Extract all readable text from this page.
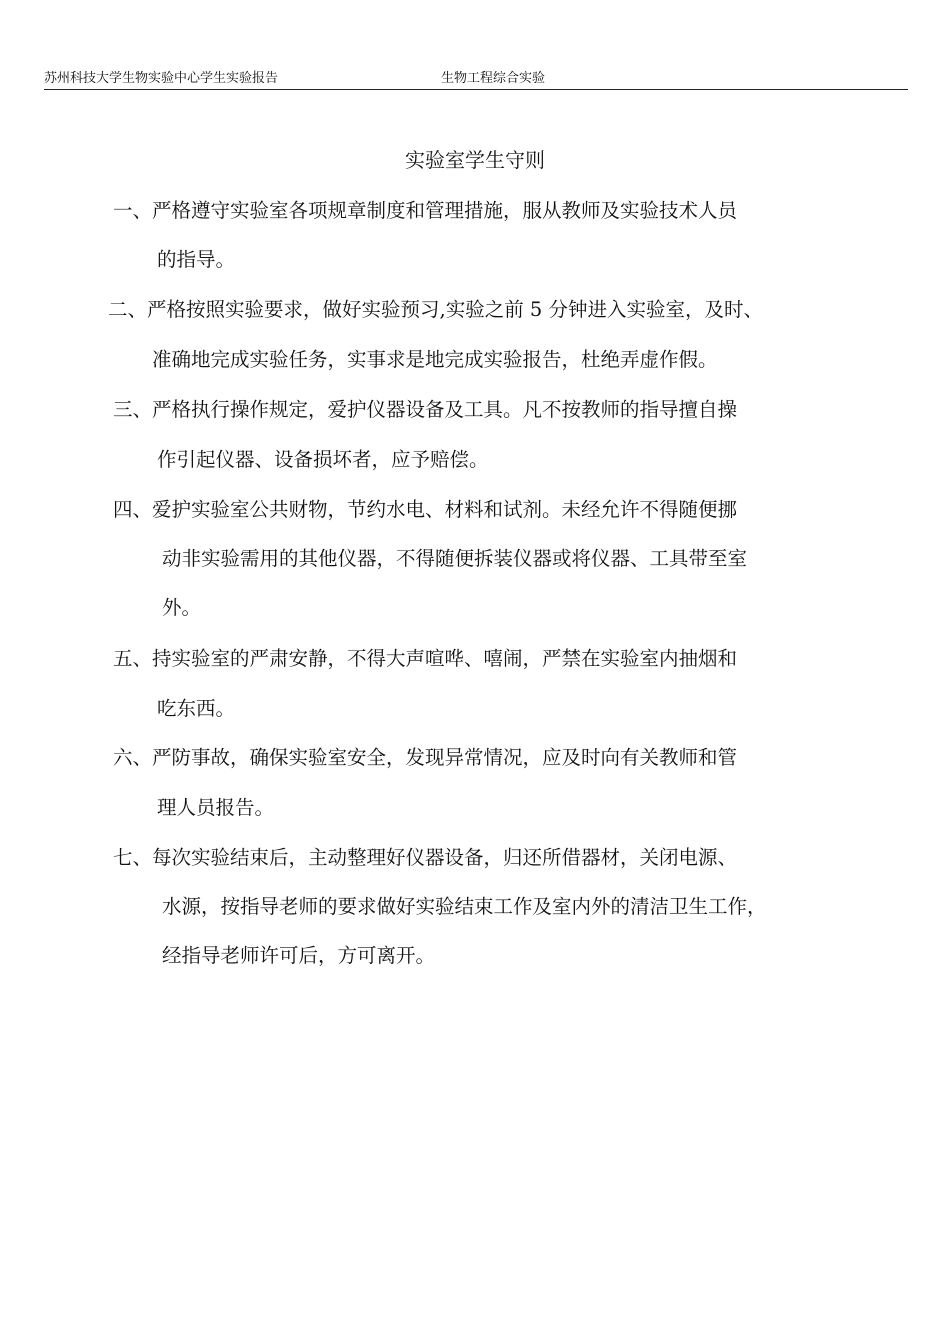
苏州科技大学生物实验中心学生实验报告	生物工程综合实验
实验室学生守则
一、严格遵守实验室各项规章制度和管理措施，服从教师及实验技术人员
的指导。
二、严格按照实验要求，做好实验预习,实验之前 5 分钟进入实验室，及时、
准确地完成实验任务，实事求是地完成实验报告，杜绝弄虚作假。
三、严格执行操作规定，爱护仪器设备及工具。凡不按教师的指导擅自操
作引起仪器、设备损坏者，应予赔偿。
四、爱护实验室公共财物，节约水电、材料和试剂。未经允许不得随便挪
动非实验需用的其他仪器，不得随便拆装仪器或将仪器、工具带至室
外。
五、持实验室的严肃安静，不得大声喧哗、嘻闹，严禁在实验室内抽烟和
吃东西。
六、严防事故，确保实验室安全，发现异常情况，应及时向有关教师和管
理人员报告。
七、每次实验结束后，主动整理好仪器设备，归还所借器材，关闭电源、
水源，按指导老师的要求做好实验结束工作及室内外的清洁卫生工作，
经指导老师许可后，方可离开。
